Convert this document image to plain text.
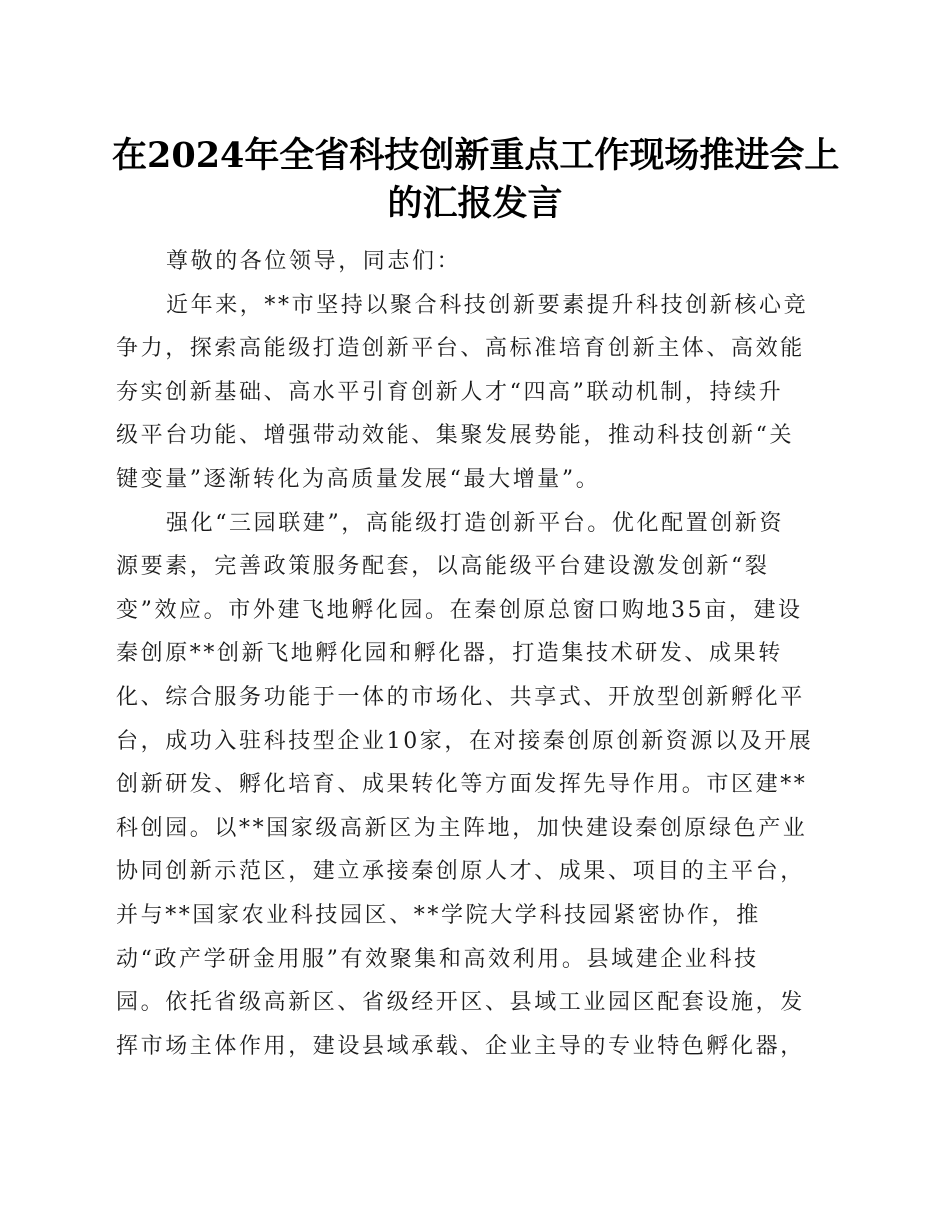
在2024年全省科技创新重点工作现场推进会上
的汇报发言

尊敬的各位领导，同志们：

近年来，**市坚持以聚合科技创新要素提升科技创新核心竞

争力，探索高能级打造创新平台、高标准培育创新主体、高效能

夯实创新基础、高水平引育创新人才“四高”联动机制，持续升

级平台功能、增强带动效能、集聚发展势能，推动科技创新“关

键变量”逐渐转化为高质量发展“最大增量”。

强化“三园联建”，高能级打造创新平台。优化配置创新资

源要素，完善政策服务配套，以高能级平台建设激发创新“裂

变”效应。市外建飞地孵化园。在秦创原总窗口购地35亩，建设

秦创原**创新飞地孵化园和孵化器，打造集技术研发、成果转

化、综合服务功能于一体的市场化、共享式、开放型创新孵化平

台，成功入驻科技型企业10家，在对接秦创原创新资源以及开展

创新研发、孵化培育、成果转化等方面发挥先导作用。市区建**

科创园。以**国家级高新区为主阵地，加快建设秦创原绿色产业

协同创新示范区，建立承接秦创原人才、成果、项目的主平台，

并与**国家农业科技园区、**学院大学科技园紧密协作，推

动“政产学研金用服”有效聚集和高效利用。县域建企业科技

园。依托省级高新区、省级经开区、县域工业园区配套设施，发

挥市场主体作用，建设县域承载、企业主导的专业特色孵化器，
